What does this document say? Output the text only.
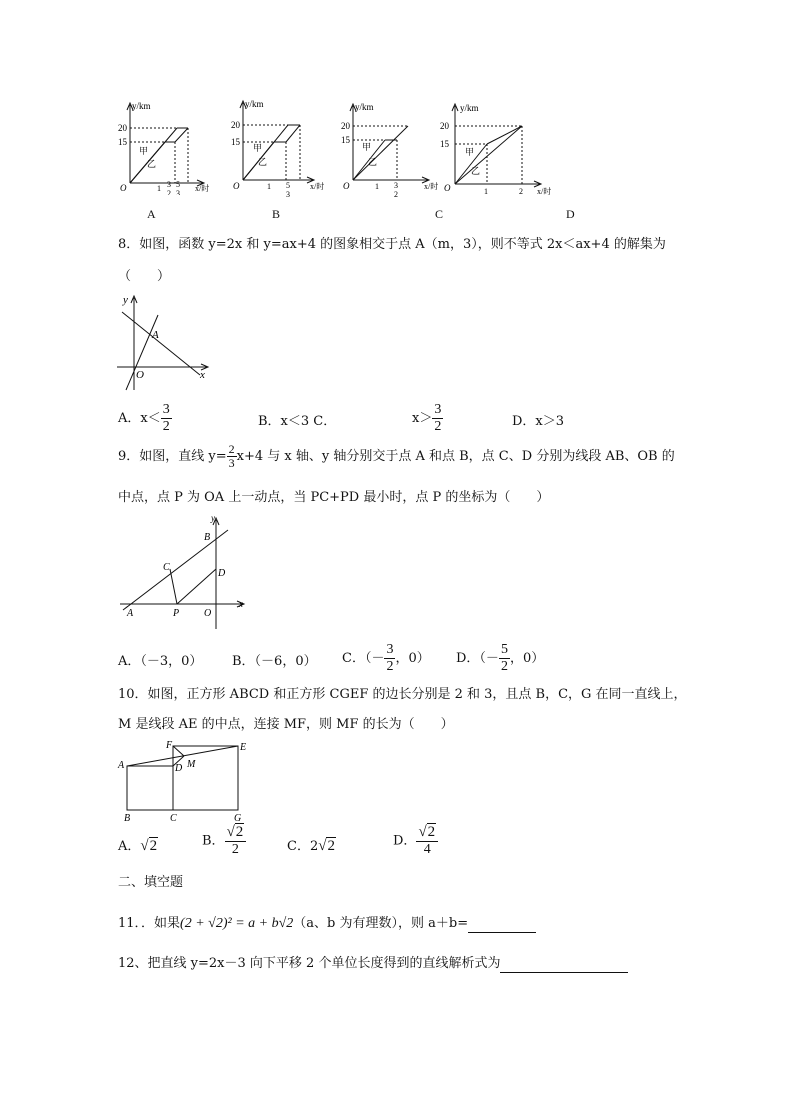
y/km
20
15
甲
乙
O	1 3
2
5
3
x/时
A
y/km
20
15
甲
乙
O	1 5
3
x/时
B
y/km
20
15
甲
乙
O	1 3
2
x/时
C
y/km
20
15
甲
乙
O	1	2 x/时
D
8．如图，函数 y=2x 和 y=ax+4 的图象相交于点 A（m，3），则不等式 2x＜ax+4 的解集为
（　　）
y
x
O
A
A．$x< \frac{3}{2}$	B．x＜3 C．	$x> \frac{3}{2}$	D．x＞3
9．如图，直线 $y= \frac{2}{3} x+4$ 与 x 轴、y 轴分别交于点 A 和点 B，点 C、D 分别为线段 AB、OB 的
中点，点 P 为 OA 上一动点，当 PC+PD 最小时，点 P 的坐标为（　　）
y
x
B
C
D
A	P O
A．（－3，0） B．（－6，0） C．（－ $\frac{3}{2}$ ，0） D．（－ $\frac{5}{2}$ ，0）
10．如图，正方形 ABCD 和正方形 CGEF 的边长分别是 2 和 3，且点 B，C，G 在同一直线上，
M 是线段 AE 的中点，连接 MF，则 MF 的长为（　　）
F	E
A	D M
B	C	G
A．√2	B． $\frac{√2}{2}$	C．2√2	D． $\frac{√2}{4}$
二、填空题
11．．如果(2 + √2)² = a + b√2（a、b 为有理数），则 a＋b=
12、把直线 y=2x－3 向下平移 2 个单位长度得到的直线解析式为
